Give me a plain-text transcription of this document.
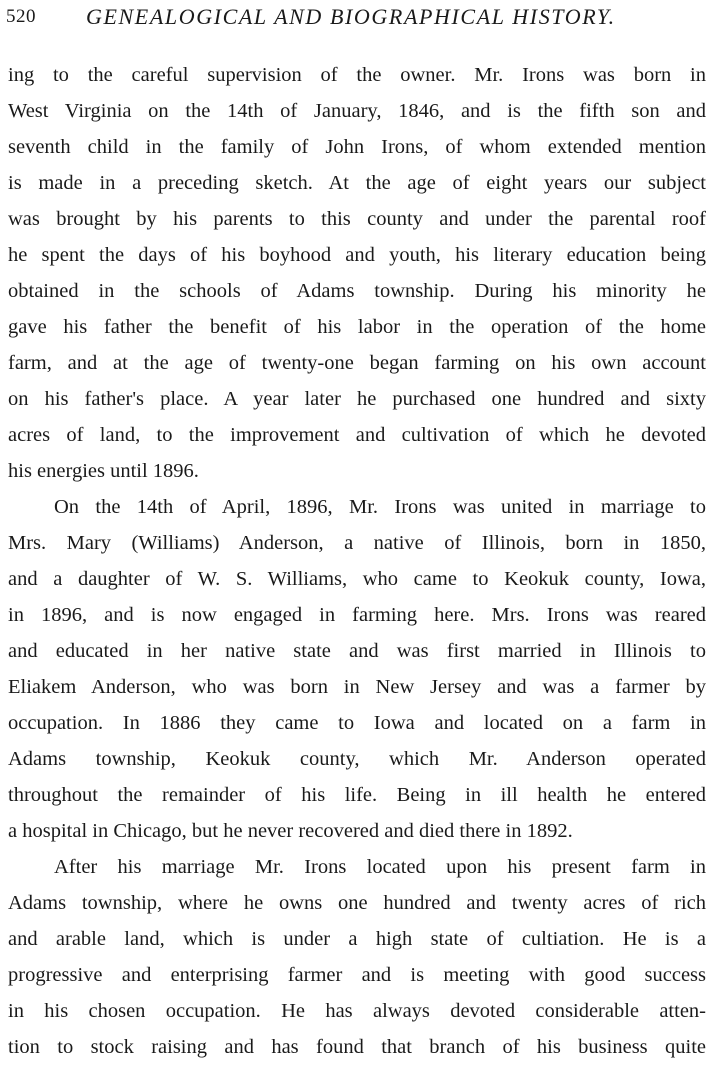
520 GENEALOGICAL AND BIOGRAPHICAL HISTORY.
ing to the careful supervision of the owner. Mr. Irons was born in
West Virginia on the 14th of January, 1846, and is the fifth son and
seventh child in the family of John Irons, of whom extended mention
is made in a preceding sketch. At the age of eight years our subject
was brought by his parents to this county and under the parental roof
he spent the days of his boyhood and youth, his literary education being
obtained in the schools of Adams township. During his minority he
gave his father the benefit of his labor in the operation of the home
farm, and at the age of twenty-one began farming on his own account
on his father's place. A year later he purchased one hundred and sixty
acres of land, to the improvement and cultivation of which he devoted
his energies until 1896.
On the 14th of April, 1896, Mr. Irons was united in marriage to
Mrs. Mary (Williams) Anderson, a native of Illinois, born in 1850,
and a daughter of W. S. Williams, who came to Keokuk county, Iowa,
in 1896, and is now engaged in farming here. Mrs. Irons was reared
and educated in her native state and was first married in Illinois to
Eliakem Anderson, who was born in New Jersey and was a farmer by
occupation. In 1886 they came to Iowa and located on a farm in
Adams township, Keokuk county, which Mr. Anderson operated
throughout the remainder of his life. Being in ill health he entered
a hospital in Chicago, but he never recovered and died there in 1892.
After his marriage Mr. Irons located upon his present farm in
Adams township, where he owns one hundred and twenty acres of rich
and arable land, which is under a high state of cultiation. He is a
progressive and enterprising farmer and is meeting with good success
in his chosen occupation. He has always devoted considerable atten-
tion to stock raising and has found that branch of his business quite
